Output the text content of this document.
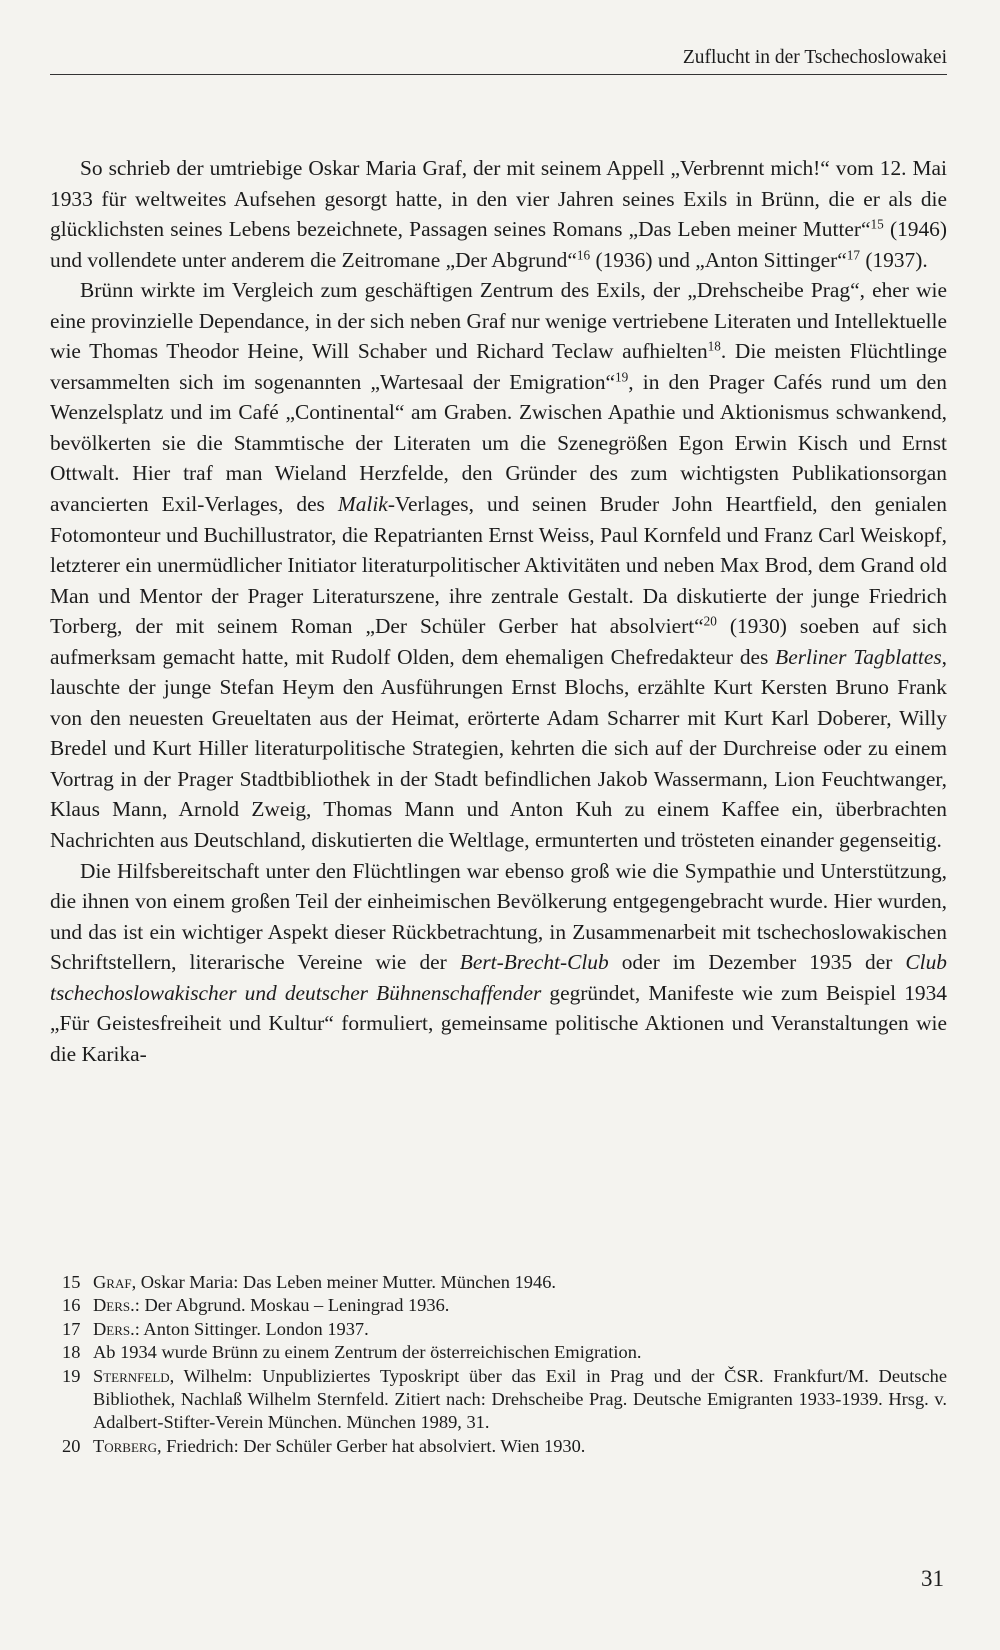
Zuflucht in der Tschechoslowakei

So schrieb der umtriebige Oskar Maria Graf, der mit seinem Appell „Verbrennt mich!“ vom 12. Mai 1933 für weltweites Aufsehen gesorgt hatte, in den vier Jahren seines Exils in Brünn, die er als die glücklichsten seines Lebens bezeichnete, Passagen seines Romans „Das Leben meiner Mutter“$^{15}$ (1946) und vollendete unter anderem die Zeitromane „Der Abgrund“$^{16}$ (1936) und „Anton Sittinger“$^{17}$ (1937).

Brünn wirkte im Vergleich zum geschäftigen Zentrum des Exils, der „Drehscheibe Prag“, eher wie eine provinzielle Dependance, in der sich neben Graf nur wenige vertriebene Literaten und Intellektuelle wie Thomas Theodor Heine, Will Schaber und Richard Teclaw aufhielten$^{18}$. Die meisten Flüchtlinge versammelten sich im sogenannten „Wartesaal der Emigration“$^{19}$, in den Prager Cafés rund um den Wenzelsplatz und im Café „Continental“ am Graben. Zwischen Apathie und Aktionismus schwankend, bevölkerten sie die Stammtische der Literaten um die Szenegrößen Egon Erwin Kisch und Ernst Ottwalt. Hier traf man Wieland Herzfelde, den Gründer des zum wichtigsten Publikationsorgan avancierten Exil-Verlages, des Malik-Verlages, und seinen Bruder John Heartfield, den genialen Fotomonteur und Buchillustrator, die Repatrianten Ernst Weiss, Paul Kornfeld und Franz Carl Weiskopf, letzterer ein unermüdlicher Initiator literaturpolitischer Aktivitäten und neben Max Brod, dem Grand old Man und Mentor der Prager Literaturszene, ihre zentrale Gestalt. Da diskutierte der junge Friedrich Torberg, der mit seinem Roman „Der Schüler Gerber hat absolviert“$^{20}$ (1930) soeben auf sich aufmerksam gemacht hatte, mit Rudolf Olden, dem ehemaligen Chefredakteur des Berliner Tagblattes, lauschte der junge Stefan Heym den Ausführungen Ernst Blochs, erzählte Kurt Kersten Bruno Frank von den neuesten Greueltaten aus der Heimat, erörterte Adam Scharrer mit Kurt Karl Doberer, Willy Bredel und Kurt Hiller literaturpolitische Strategien, kehrten die sich auf der Durchreise oder zu einem Vortrag in der Prager Stadtbibliothek in der Stadt befindlichen Jakob Wassermann, Lion Feuchtwanger, Klaus Mann, Arnold Zweig, Thomas Mann und Anton Kuh zu einem Kaffee ein, überbrachten Nachrichten aus Deutschland, diskutierten die Weltlage, ermunterten und trösteten einander gegenseitig.

Die Hilfsbereitschaft unter den Flüchtlingen war ebenso groß wie die Sympathie und Unterstützung, die ihnen von einem großen Teil der einheimischen Bevölkerung entgegengebracht wurde. Hier wurden, und das ist ein wichtiger Aspekt dieser Rückbetrachtung, in Zusammenarbeit mit tschechoslowakischen Schriftstellern, literarische Vereine wie der Bert-Brecht-Club oder im Dezember 1935 der Club tschechoslowakischer und deutscher Bühnenschaffender gegründet, Manifeste wie zum Beispiel 1934 „Für Geistesfreiheit und Kultur“ formuliert, gemeinsame politische Aktionen und Veranstaltungen wie die Karika-

15 Graf, Oskar Maria: Das Leben meiner Mutter. München 1946.
16 Ders.: Der Abgrund. Moskau – Leningrad 1936.
17 Ders.: Anton Sittinger. London 1937.
18 Ab 1934 wurde Brünn zu einem Zentrum der österreichischen Emigration.
19 Sternfeld, Wilhelm: Unpubliziertes Typoskript über das Exil in Prag und der ČSR. Frankfurt/M. Deutsche Bibliothek, Nachlaß Wilhelm Sternfeld. Zitiert nach: Drehscheibe Prag. Deutsche Emigranten 1933-1939. Hrsg. v. Adalbert-Stifter-Verein München. München 1989, 31.
20 Torberg, Friedrich: Der Schüler Gerber hat absolviert. Wien 1930.
31
